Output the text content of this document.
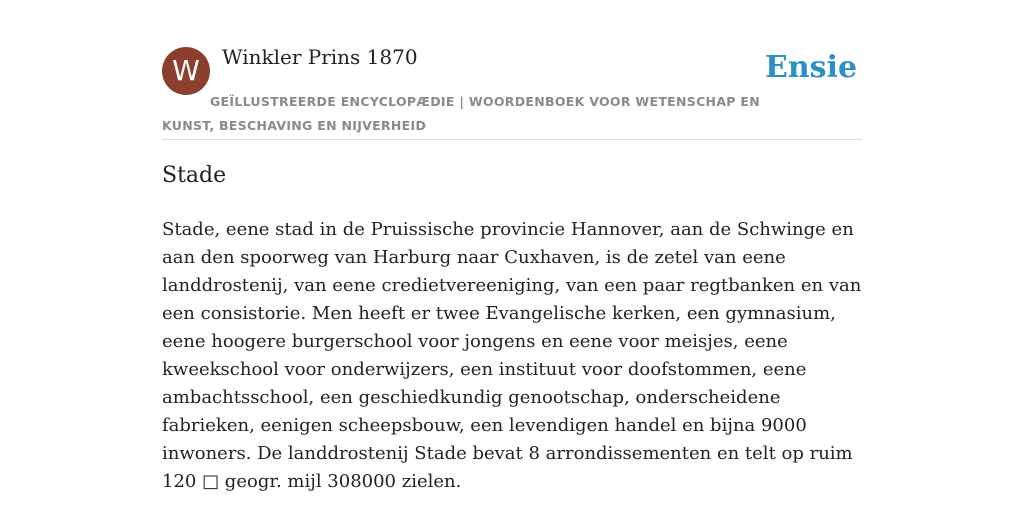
W	Winkler Prins 1870	Ensie
GEÏLLUSTREERDE ENCYCLOPÆDIE | WOORDENBOEK VOOR WETENSCHAP EN KUNST, BESCHAVING EN NIJVERHEID
Stade

Stade, eene stad in de Pruissische provincie Hannover, aan de Schwinge en aan den spoorweg van Harburg naar Cuxhaven, is de zetel van eene landdrostenij, van eene credietvereeniging, van een paar regtbanken en van een consistorie. Men heeft er twee Evangelische kerken, een gymnasium, eene hoogere burgerschool voor jongens en eene voor meisjes, eene kweekschool voor onderwijzers, een instituut voor doofstommen, eene ambachtsschool, een geschiedkundig genootschap, onderscheidene fabrieken, eenigen scheepsbouw, een levendigen handel en bijna 9000 inwoners. De landdrostenij Stade bevat 8 arrondissementen en telt op ruim 120 □ geogr. mijl 308000 zielen.
